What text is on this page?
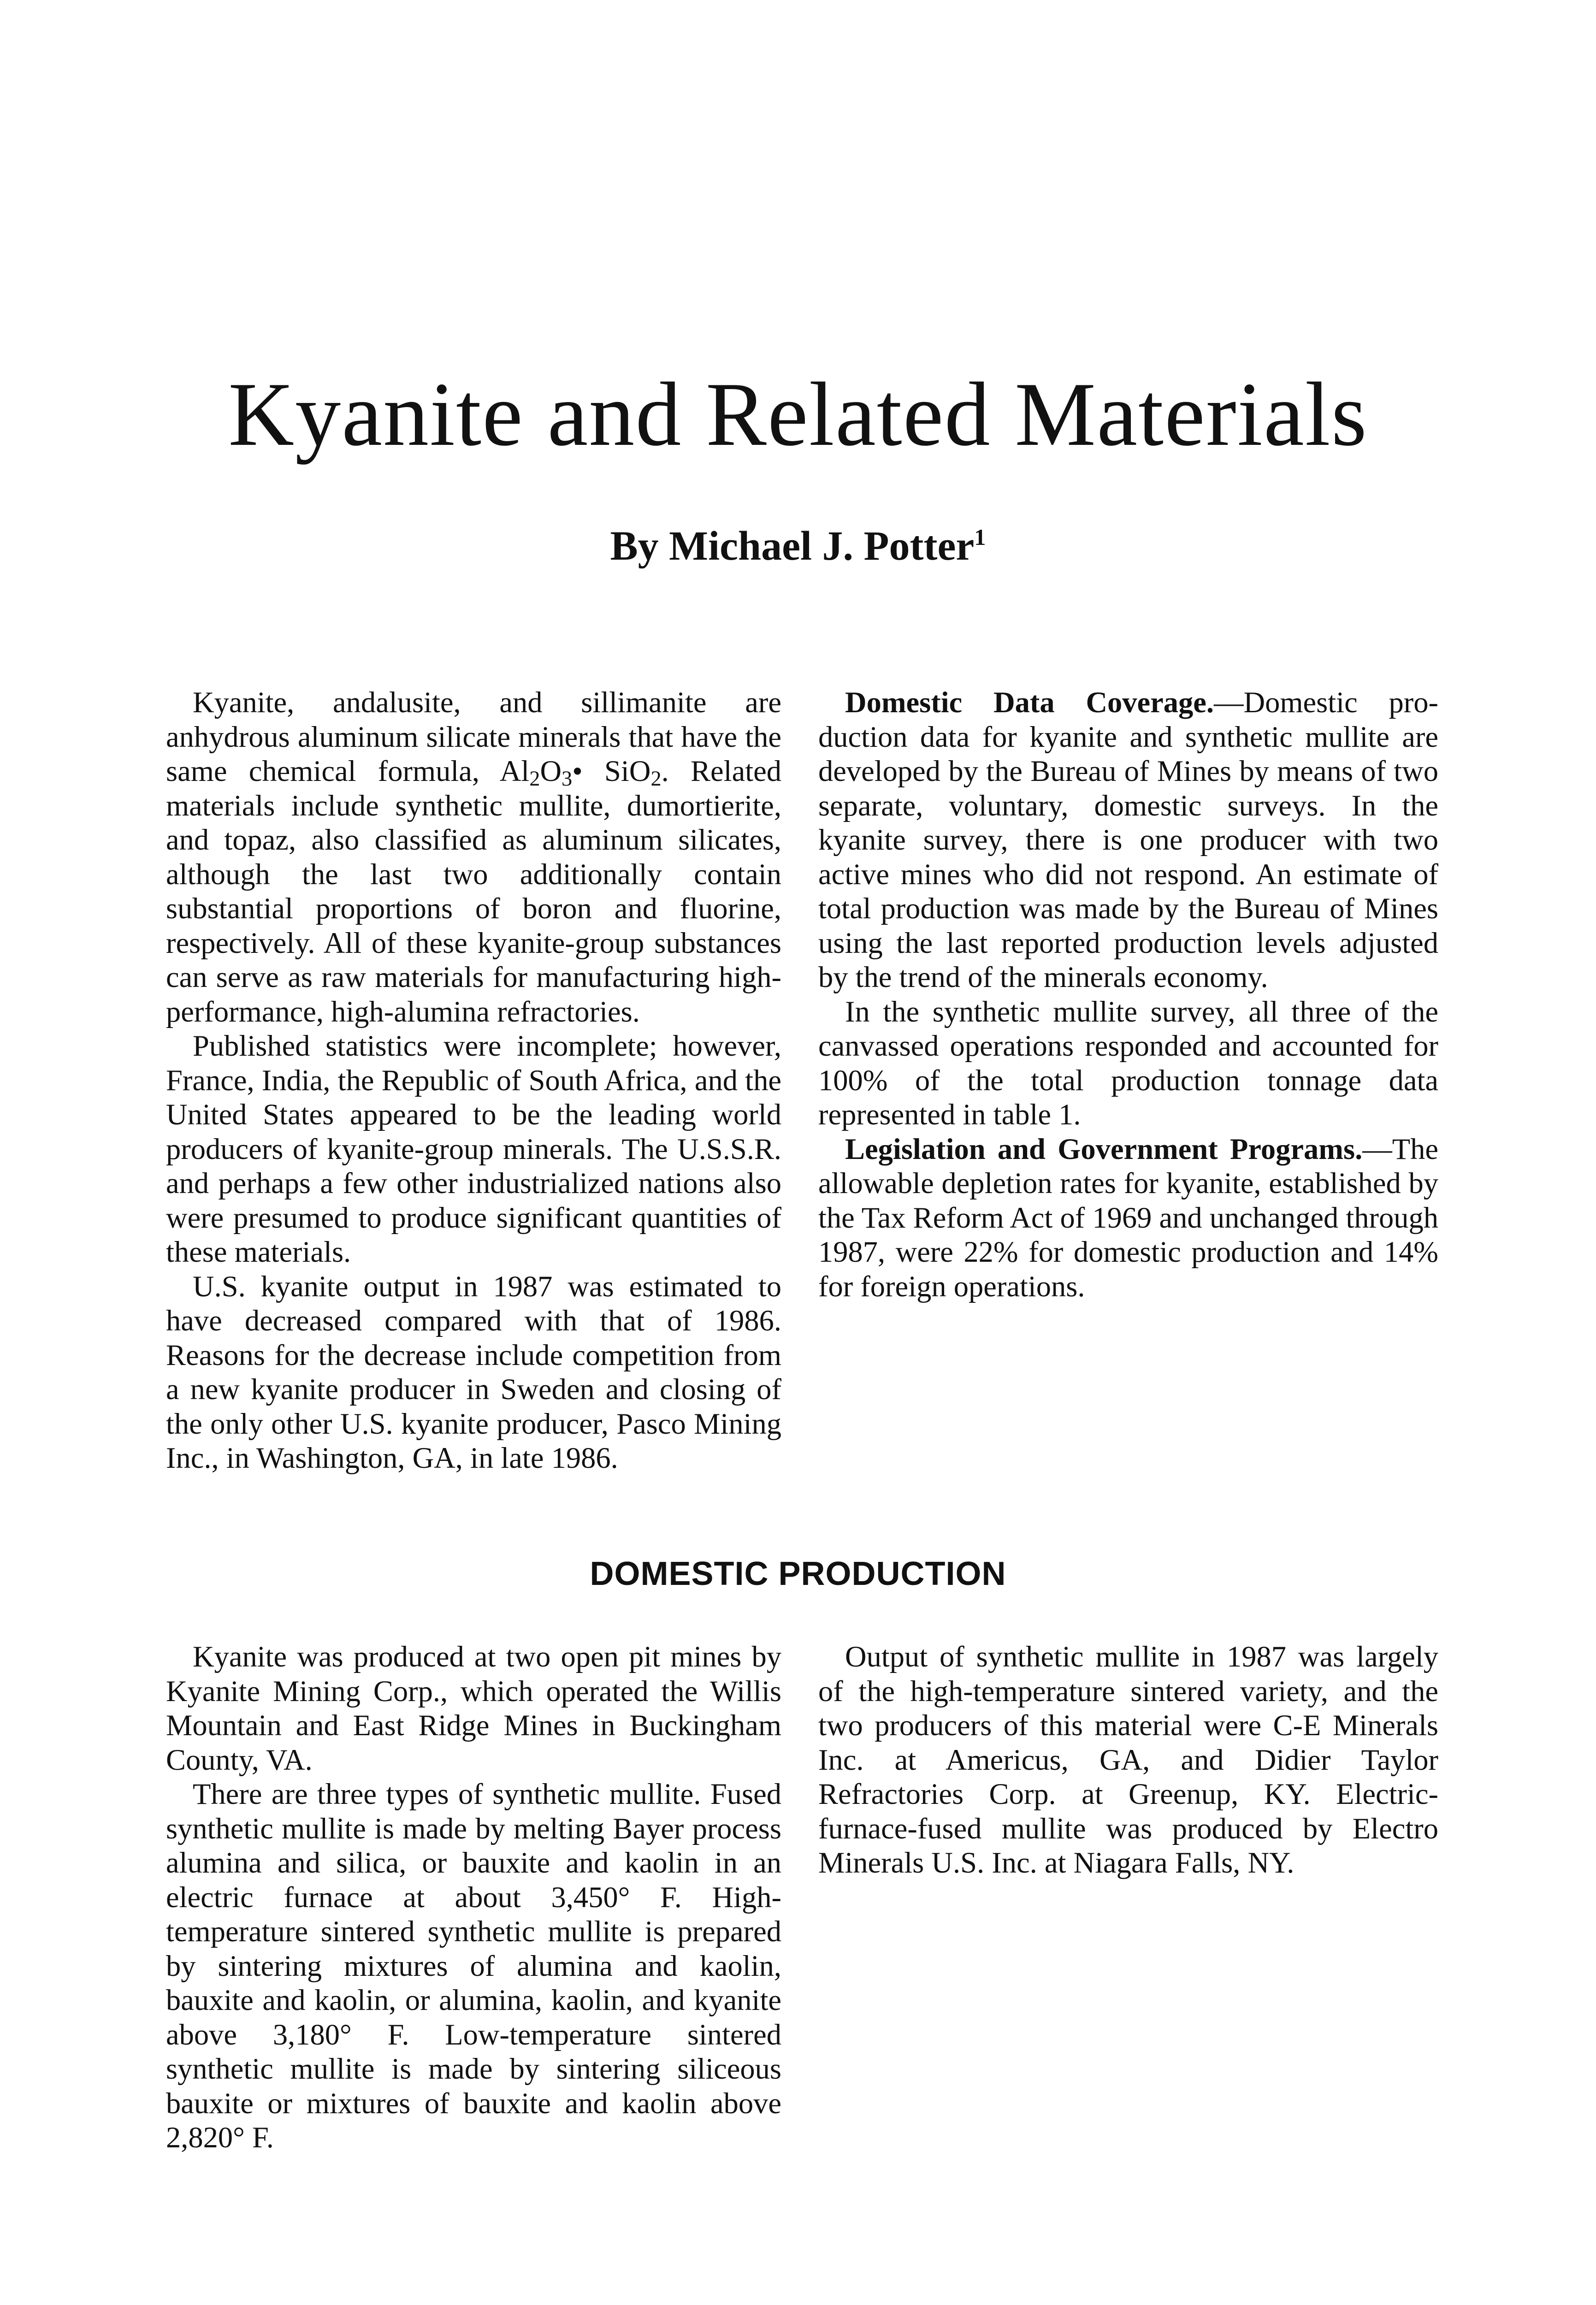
Kyanite and Related Materials
By Michael J. Potter$^1$

Kyanite, andalusite, and sillimanite are anhydrous aluminum silicate minerals that have the same chemical formula, $Al_2O_3•$ SiO$_2$. Related materials include synthetic mullite, dumortierite, and topaz, also classified as aluminum silicates, although the last two additionally contain substantial proportions of boron and fluorine, respectively. All of these kyanite-group substances can serve as raw materials for manufacturing high-performance, high-alumina refractories.

Published statistics were incomplete; however, France, India, the Republic of South Africa, and the United States appeared to be the leading world producers of kyanite-group minerals. The U.S.S.R. and perhaps a few other industrialized nations also were presumed to produce significant quantities of these materials.

U.S. kyanite output in 1987 was estimated to have decreased compared with that of 1986. Reasons for the decrease include competition from a new kyanite producer in Sweden and closing of the only other U.S. kyanite producer, Pasco Mining Inc., in Washington, GA, in late 1986.

Domestic Data Coverage.—Domestic production data for kyanite and synthetic mullite are developed by the Bureau of Mines by means of two separate, voluntary, domestic surveys. In the kyanite survey, there is one producer with two active mines who did not respond. An estimate of total production was made by the Bureau of Mines using the last reported production levels adjusted by the trend of the minerals economy.

In the synthetic mullite survey, all three of the canvassed operations responded and accounted for 100% of the total production tonnage data represented in table 1.

Legislation and Government Programs.—The allowable depletion rates for kyanite, established by the Tax Reform Act of 1969 and unchanged through 1987, were 22% for domestic production and 14% for foreign operations.

DOMESTIC PRODUCTION

Kyanite was produced at two open pit mines by Kyanite Mining Corp., which operated the Willis Mountain and East Ridge Mines in Buckingham County, VA.

There are three types of synthetic mullite. Fused synthetic mullite is made by melting Bayer process alumina and silica, or bauxite and kaolin in an electric furnace at about 3,450° F. High-temperature sintered synthetic mullite is prepared by sintering mixtures of alumina and kaolin, bauxite and kaolin, or alumina, kaolin, and kyanite above 3,180° F. Low-temperature sintered synthetic mullite is made by sintering siliceous bauxite or mixtures of bauxite and kaolin above 2,820° F.

Output of synthetic mullite in 1987 was largely of the high-temperature sintered variety, and the two producers of this material were C-E Minerals Inc. at Americus, GA, and Didier Taylor Refractories Corp. at Greenup, KY. Electric-furnace-fused mullite was produced by Electro Minerals U.S. Inc. at Niagara Falls, NY.
